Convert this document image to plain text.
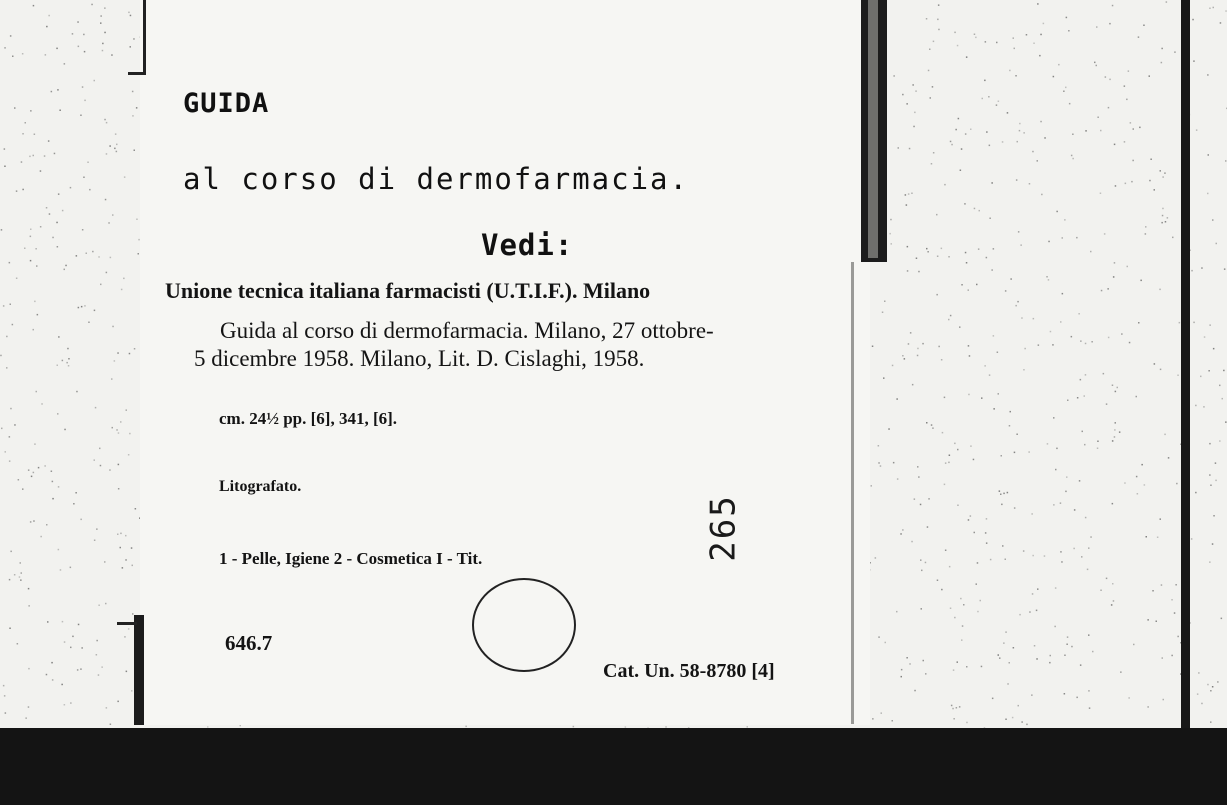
GUIDA
al corso di dermofarmacia.
Vedi:
Unione tecnica italiana farmacisti (U.T.I.F.). Milano
Guida al corso di dermofarmacia. Milano, 27 ottobre-
5 dicembre 1958. Milano, Lit. D. Cislaghi, 1958.
cm. 24½ pp. [6], 341, [6].
Litografato.
1 - Pelle, Igiene 2 - Cosmetica I - Tit.
646.7
Cat. Un. 58-8780 [4]
265
